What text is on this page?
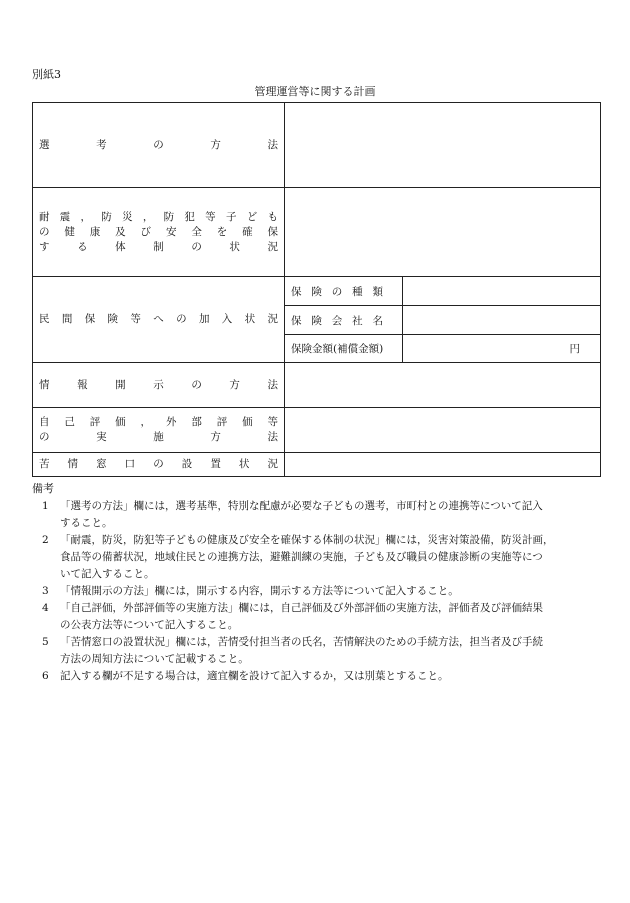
別紙3
管理運営等に関する計画
選　考　の　方　法		

耐震，防災，防犯等子ども
の健康及び安全を確保
する体制の状況		

民間保険等への加入状況	保険の種類	

	保険会社名	

	保険金額(補償金額)	円

情報開示の方法		

自己評価，外部評価等
の実施方法		

苦情窓口の設置状況		

備考
1	「選考の方法」欄には，選考基準，特別な配慮が必要な子どもの選考，市町村との連携等について記入
すること。
2	「耐震，防災，防犯等子どもの健康及び安全を確保する体制の状況」欄には，災害対策設備，防災計画，
食品等の備蓄状況，地域住民との連携方法，避難訓練の実施，子ども及び職員の健康診断の実施等につ
いて記入すること。
3	「情報開示の方法」欄には，開示する内容，開示する方法等について記入すること。
4	「自己評価，外部評価等の実施方法」欄には，自己評価及び外部評価の実施方法，評価者及び評価結果
の公表方法等について記入すること。
5	「苦情窓口の設置状況」欄には，苦情受付担当者の氏名，苦情解決のための手続方法，担当者及び手続
方法の周知方法について記載すること。
6	記入する欄が不足する場合は，適宜欄を設けて記入するか，又は別葉とすること。
